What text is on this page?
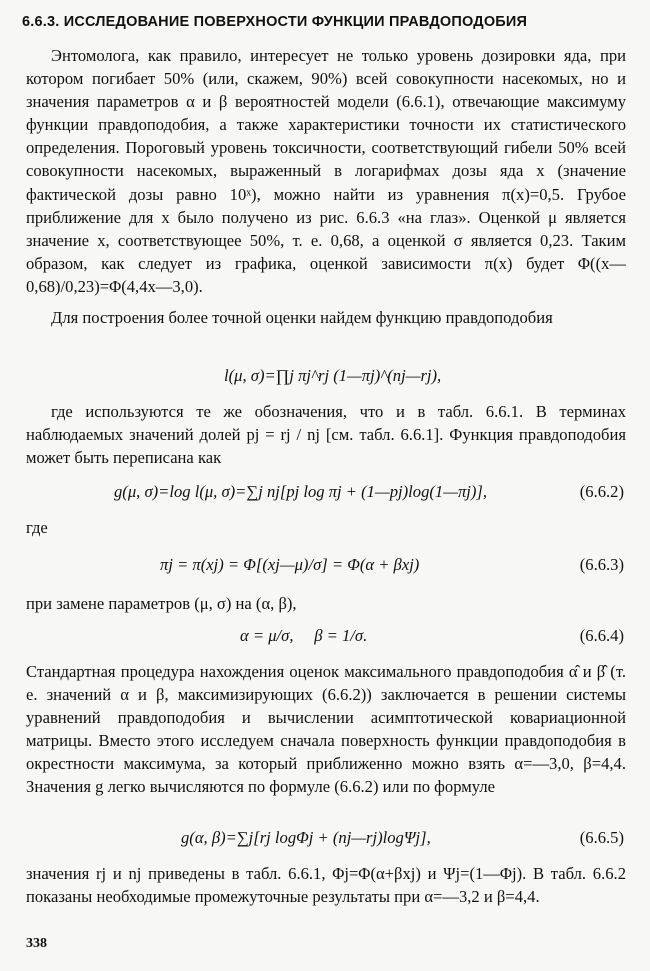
6.6.3. ИССЛЕДОВАНИЕ ПОВЕРХНОСТИ ФУНКЦИИ ПРАВДОПОДОБИЯ
Энтомолога, как правило, интересует не только уровень дозировки яда, при котором погибает 50% (или, скажем, 90%) всей совокупности насекомых, но и значения параметров α и β вероятностей модели (6.6.1), отвечающие максимуму функции правдоподобия, а также характеристики точности их статистического определения. Пороговый уровень токсичности, соответствующий гибели 50% всей совокупности насекомых, выраженный в логарифмах дозы яда x (значение фактической дозы равно 10ˣ), можно найти из уравнения π(x)=0,5. Грубое приближение для x было получено из рис. 6.6.3 «на глаз». Оценкой μ является значение x, соответствующее 50%, т. е. 0,68, а оценкой σ является 0,23. Таким образом, как следует из графика, оценкой зависимости π(x) будет Φ((x—0,68)/0,23)=Φ(4,4x—3,0).
Для построения более точной оценки найдем функцию правдоподобия
l(μ, σ)=∏j πj^rj (1—πj)^(nj—rj),
где используются те же обозначения, что и в табл. 6.6.1. В терминах наблюдаемых значений долей pj = rj / nj [см. табл. 6.6.1]. Функция правдоподобия может быть переписана как
g(μ, σ)=log l(μ, σ)=∑j nj[pj log πj + (1—pj)log(1—πj)],	(6.6.2)
где
πj = π(xj) = Φ[(xj—μ)/σ] = Φ(α + βxj)	(6.6.3)
при замене параметров (μ, σ) на (α, β),
α = μ/σ,     β = 1/σ.	(6.6.4)
Стандартная процедура нахождения оценок максимального правдоподобия α̂ и β̂ (т. е. значений α и β, максимизирующих (6.6.2)) заключается в решении системы уравнений правдоподобия и вычислении асимптотической ковариационной матрицы. Вместо этого исследуем сначала поверхность функции правдоподобия в окрестности максимума, за который приближенно можно взять α=—3,0, β=4,4. Значения g легко вычисляются по формуле (6.6.2) или по формуле
g(α, β)=∑j[rj logΦj + (nj—rj)logΨj],	(6.6.5)
значения rj и nj приведены в табл. 6.6.1, Φj=Φ(α+βxj) и Ψj=(1—Φj). В табл. 6.6.2 показаны необходимые промежуточные результаты при α=—3,2 и β=4,4.
338
